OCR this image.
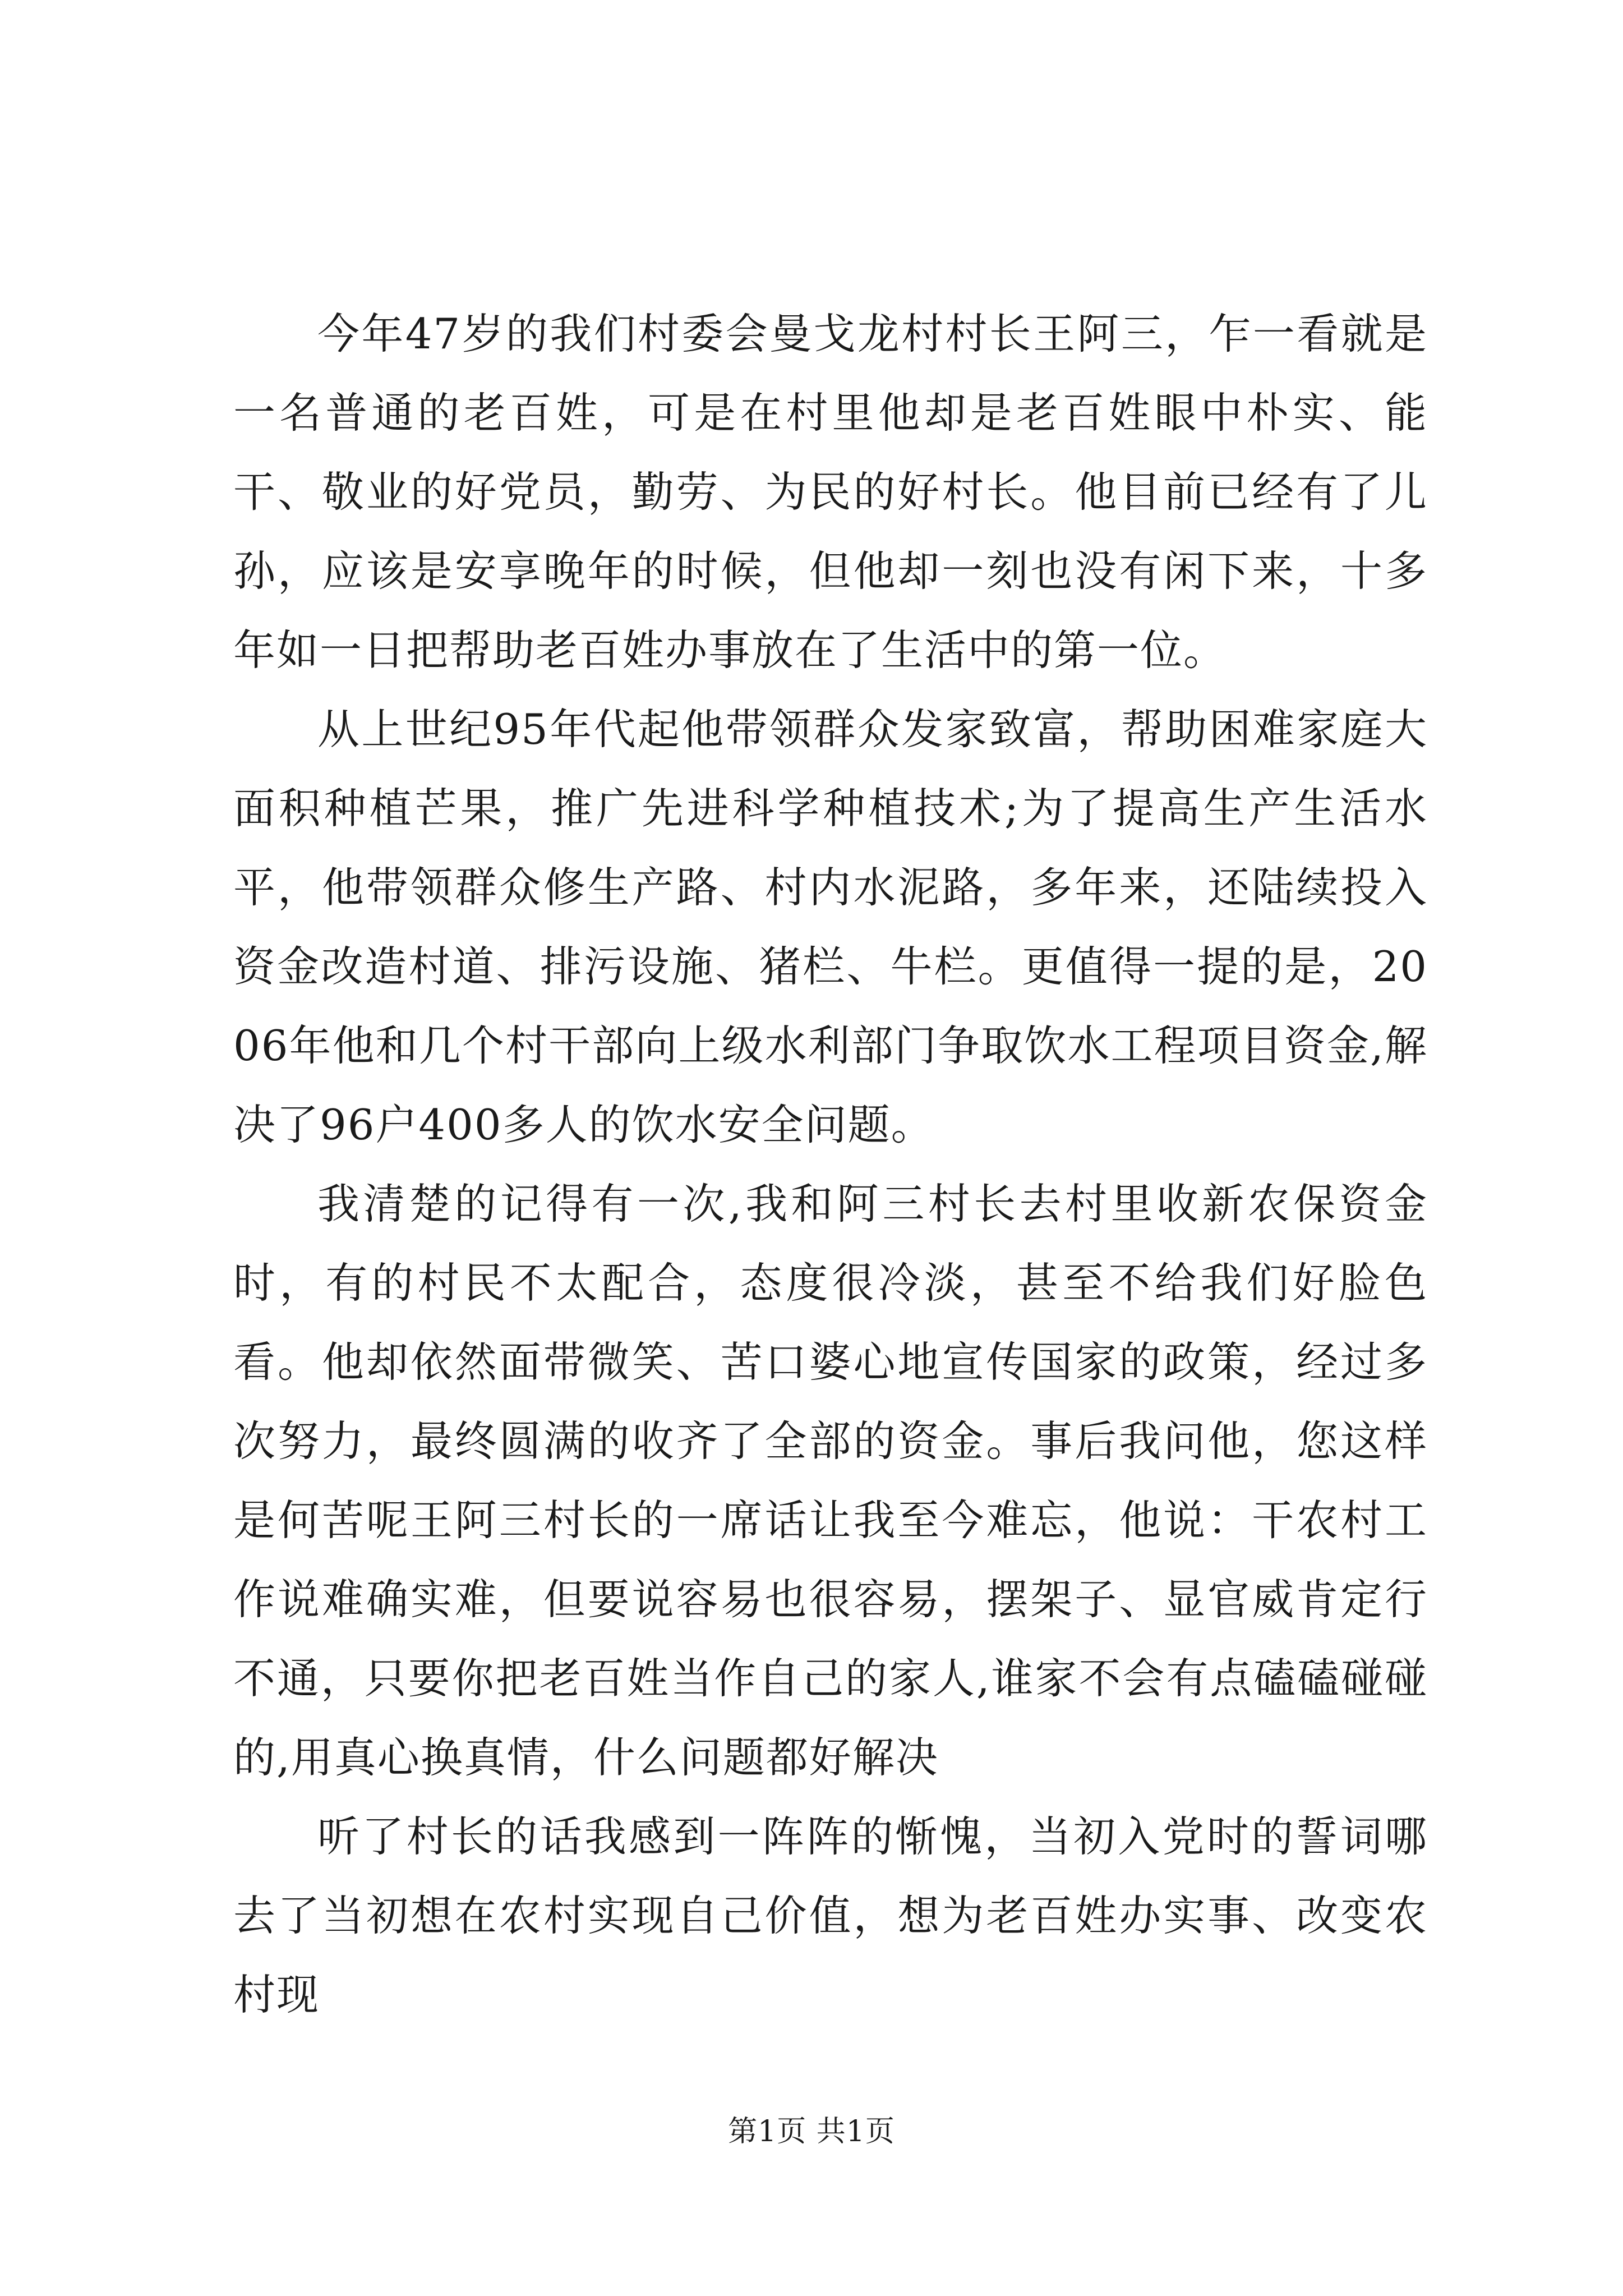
今年47岁的我们村委会曼戈龙村村长王阿三，乍一看就是一名普通的老百姓，可是在村里他却是老百姓眼中朴实、能干、敬业的好党员，勤劳、为民的好村长。他目前已经有了儿孙，应该是安享晚年的时候，但他却一刻也没有闲下来，十多年如一日把帮助老百姓办事放在了生活中的第一位。

从上世纪95年代起他带领群众发家致富，帮助困难家庭大面积种植芒果，推广先进科学种植技术;为了提高生产生活水平，他带领群众修生产路、村内水泥路，多年来，还陆续投入资金改造村道、排污设施、猪栏、牛栏。更值得一提的是，2006年他和几个村干部向上级水利部门争取饮水工程项目资金,解决了96户400多人的饮水安全问题。

我清楚的记得有一次,我和阿三村长去村里收新农保资金时，有的村民不太配合，态度很冷淡，甚至不给我们好脸色看。他却依然面带微笑、苦口婆心地宣传国家的政策，经过多次努力，最终圆满的收齐了全部的资金。事后我问他，您这样是何苦呢王阿三村长的一席话让我至今难忘，他说：干农村工作说难确实难，但要说容易也很容易，摆架子、显官威肯定行不通，只要你把老百姓当作自己的家人,谁家不会有点磕磕碰碰的,用真心换真情，什么问题都好解决

听了村长的话我感到一阵阵的惭愧，当初入党时的誓词哪去了当初想在农村实现自己价值，想为老百姓办实事、改变农村现

第1页 共1页
